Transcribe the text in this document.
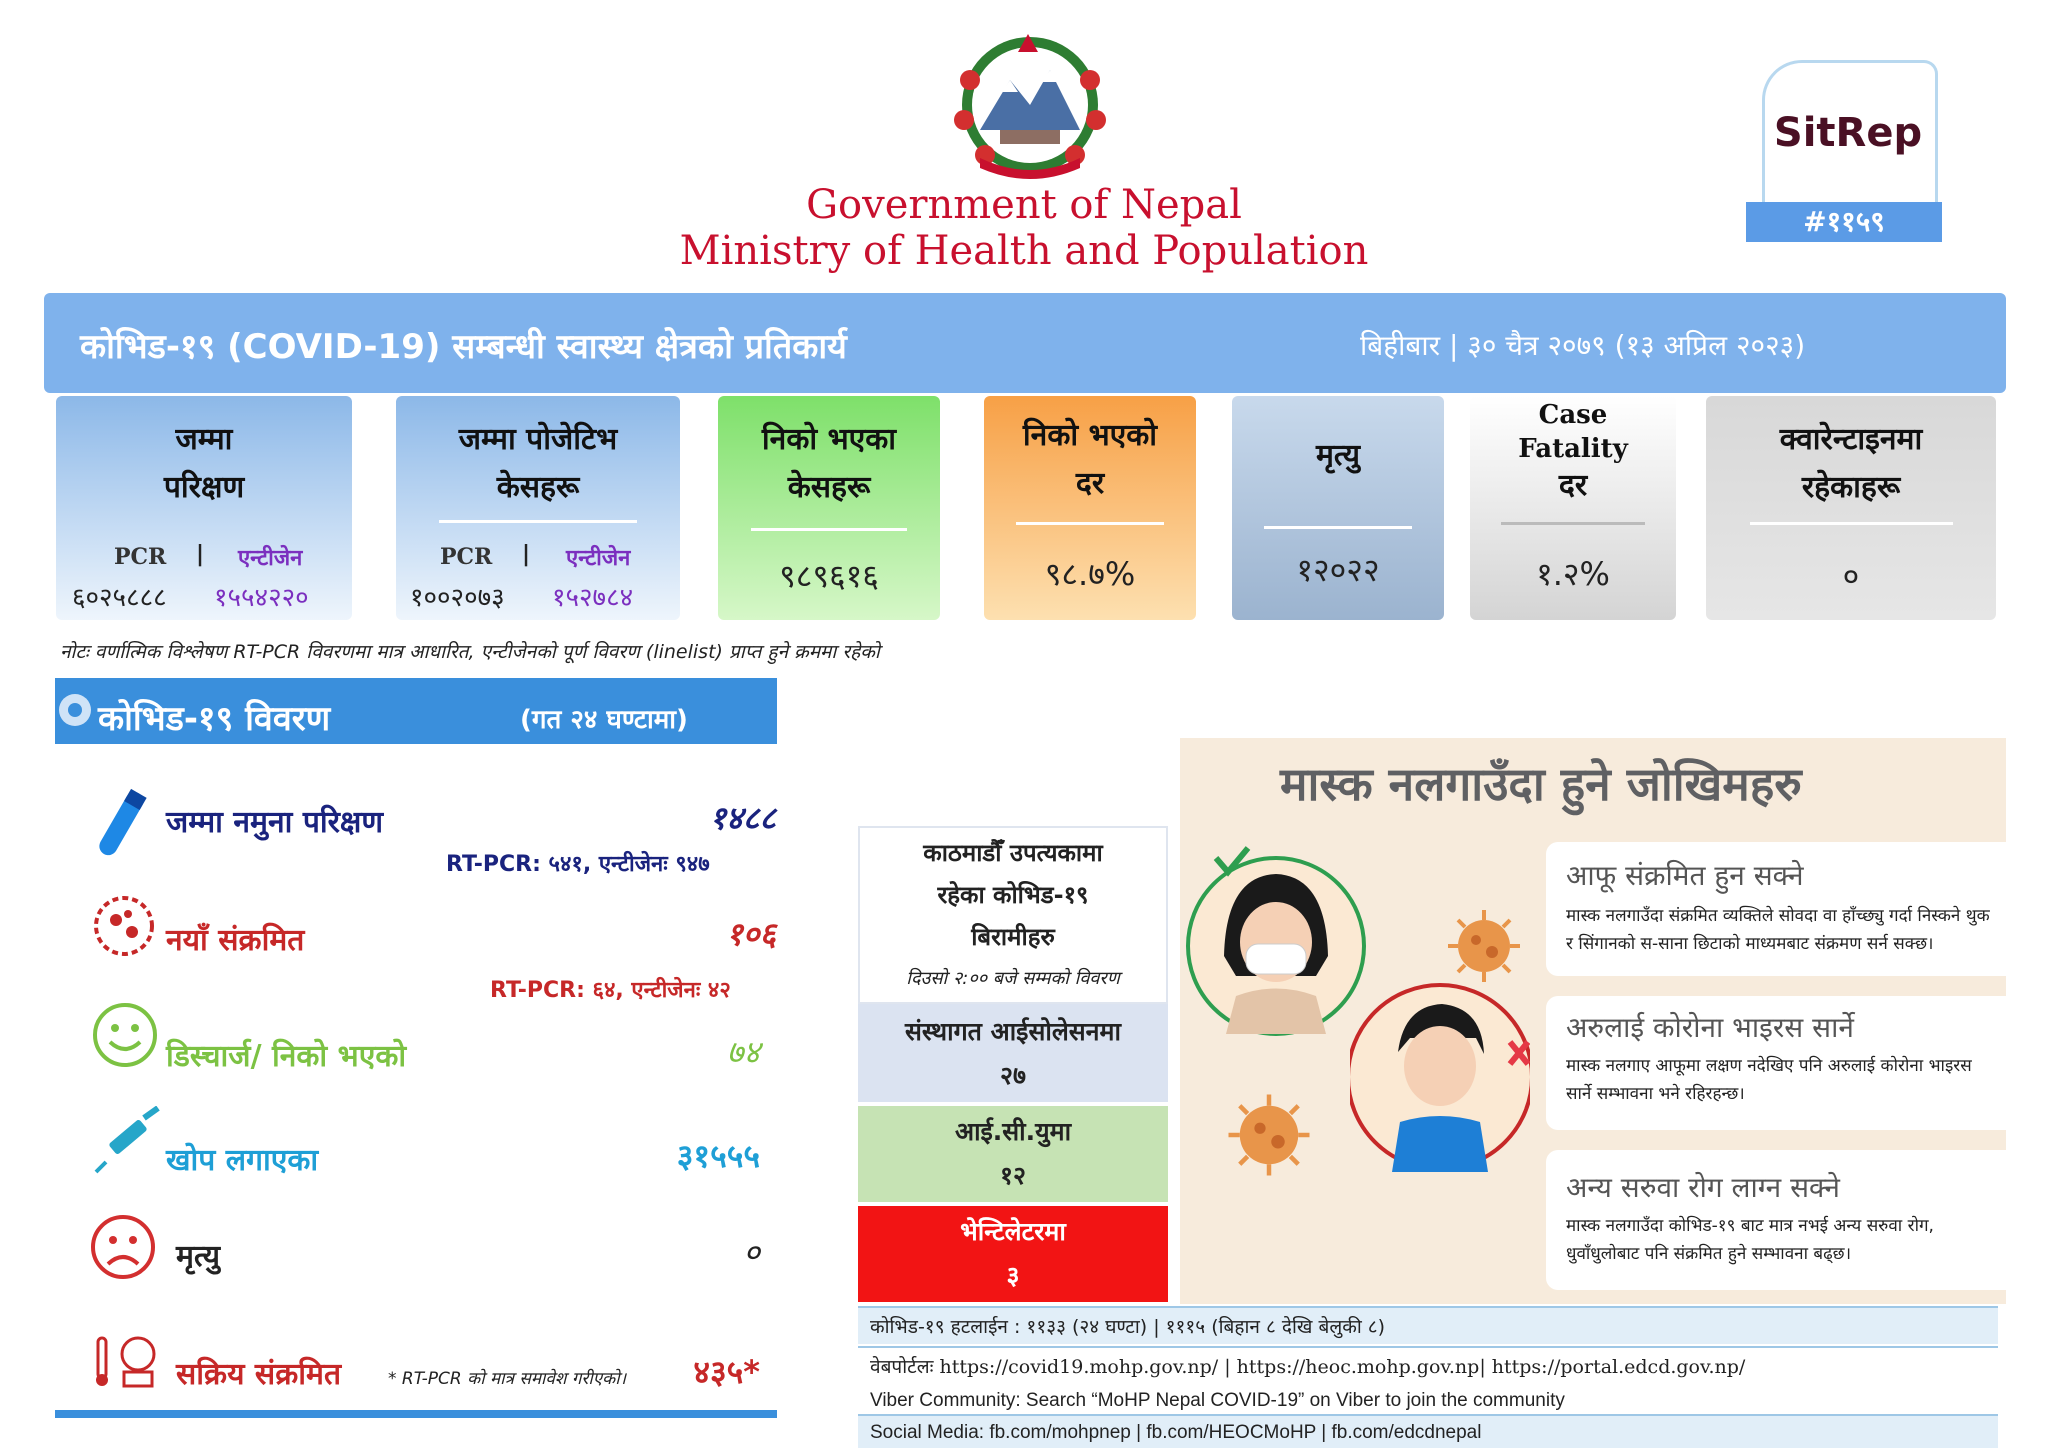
Government of Nepal
Ministry of Health and Population
SitRep
#११५९
कोभिड-१९ (COVID-19) सम्बन्धी स्वास्थ्य क्षेत्रको प्रतिकार्य	बिहीबार | ३० चैत्र २०७९ (१३ अप्रिल २०२३)
जम्मा
परिक्षण
PCR | एन्टीजेन
६०२५८८८ १५५४२२०
जम्मा पोजेटिभ
केसहरू
PCR | एन्टीजेन
१००२०७३ १५२७८४
निको भएका
केसहरू
९८९६१६
निको भएको
दर
९८.७%
मृत्यु
१२०२२
Case
Fatality
दर
१.२%
क्वारेन्टाइनमा
रहेकाहरू
०
नोटः वर्णात्मिक विश्लेषण RT-PCR विवरणमा मात्र आधारित, एन्टीजेनको पूर्ण विवरण (linelist) प्राप्त हुने क्रममा रहेको
कोभिड-१९ विवरण	(गत २४ घण्टामा)
जम्मा नमुना परिक्षण	१४८८
RT-PCR: ५४१, एन्टीजेनः ९४७
नयाँ संक्रमित	१०६
RT-PCR: ६४, एन्टीजेनः ४२
डिस्चार्ज/ निको भएको	७४
खोप लगाएका	३१५५५
मृत्यु	०
सक्रिय संक्रमित	* RT-PCR को मात्र समावेश गरीएको।	४३५*
काठमाडौँ उपत्यकामा
रहेका कोभिड-१९
बिरामीहरु
दिउसो २:०० बजे सम्मको विवरण
संस्थागत आईसोलेसनमा
२७
आई.सी.युमा
१२
भेन्टिलेटरमा
३
मास्क नलगाउँदा हुने जोखिमहरु
आफू संक्रमित हुन सक्ने
मास्क नलगाउँदा संक्रमित व्यक्तिले सोवदा वा हाँच्छ्यु गर्दा निस्कने थुक र सिंगानको स-साना छिटाको माध्यमबाट संक्रमण सर्न सक्छ।
अरुलाई कोरोना भाइरस सार्ने
मास्क नलगाए आफूमा लक्षण नदेखिए पनि अरुलाई कोरोना भाइरस सार्ने सम्भावना भने रहिरहन्छ।
अन्य सरुवा रोग लाग्न सक्ने
मास्क नलगाउँदा कोभिड-१९ बाट मात्र नभई अन्य सरुवा रोग, धुवाँधुलोबाट पनि संक्रमित हुने सम्भावना बढ्छ।
कोभिड-१९ हटलाईन : ११३३ (२४ घण्टा) | १११५ (बिहान ८ देखि बेलुकी ८)
वेबपोर्टलः https://covid19.mohp.gov.np/ | https://heoc.mohp.gov.np| https://portal.edcd.gov.np/
Viber Community: Search “MoHP Nepal COVID-19” on Viber to join the community
Social Media: fb.com/mohpnep | fb.com/HEOCMoHP | fb.com/edcdnepal
